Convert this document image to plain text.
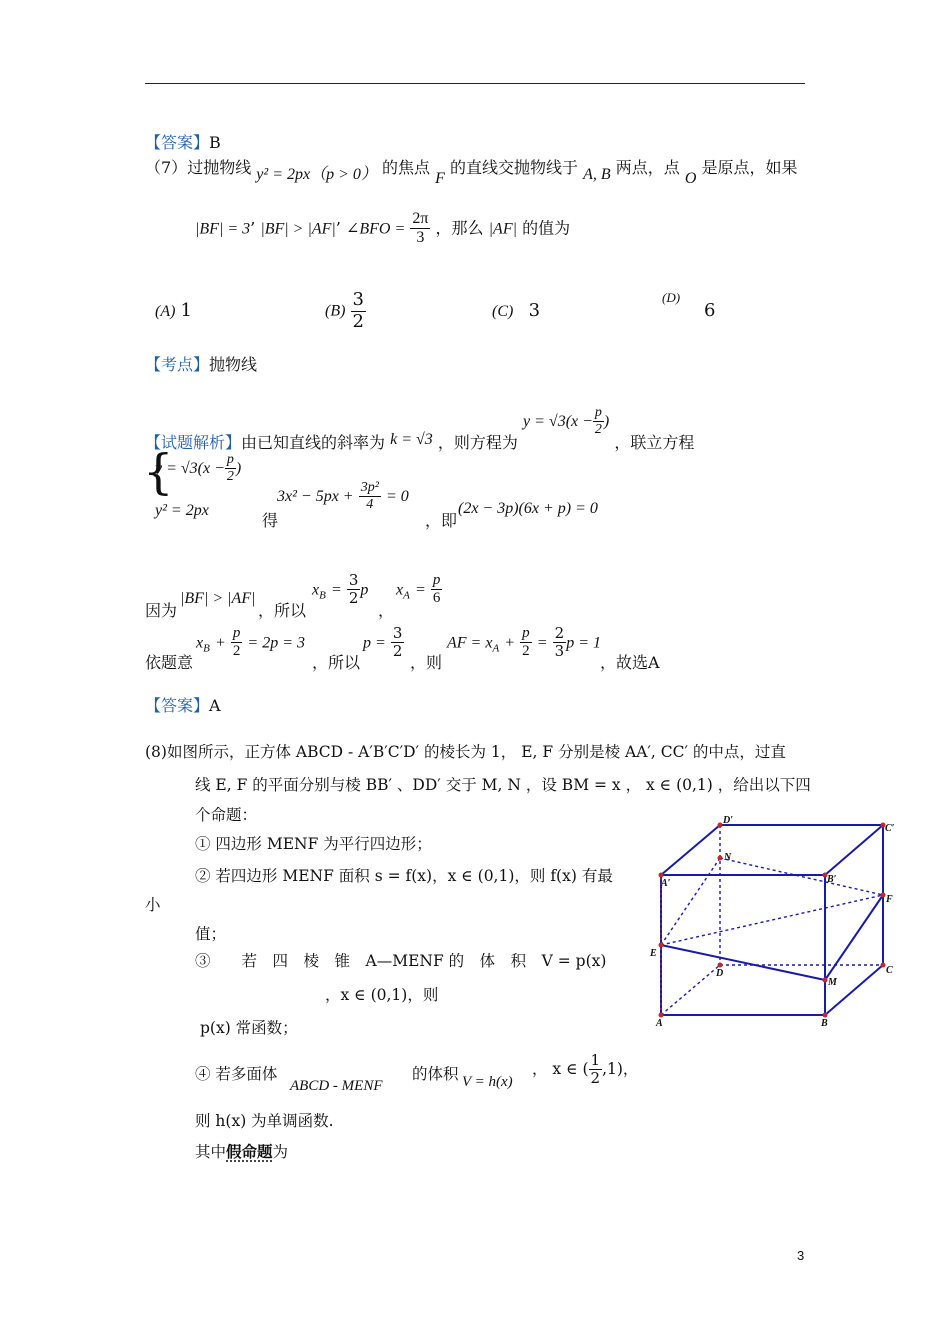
【答案】B
（7）过抛物线 y² = 2px（p > 0） 的焦点 F 的直线交抛物线于 A, B 两点，点 O 是原点，如果
|BF| = 3’ |BF| > |AF|’ ∠BFO = $\frac{2\pi}{3}$ ，那么 |AF| 的值为
(A) 1	$(B) \frac{3}{2}$	(C) 3
(D)
6
【考点】抛物线
【试题解析】由已知直线的斜率为 k = √3 ，则方程为 $y = √3(x - \frac{p}{2}$ ) ，联立方程
{
$y = √3(x - \frac{p}{2}$ )
y² = 2px
得
$3x^2 - 5px + \frac{\text{3p²}}{4} = 0$
，即
(2x − 3p)(6x + p) = 0
因为
|BF| > |AF|
，所以
$x_B = \frac{3}{2}$ p
，
$x_A = \frac{p}{6}$
依题意
$x_B + \frac{p}{2} = 2p = 3$
，所以
$p = \frac{3}{2}$
，则
AF = $x_A + \frac{p}{2} = \frac{2}{3}$ p = 1
，故选A
【答案】A
(8)如图所示，正方体 ABCD - A′B′C′D′ 的棱长为 1， E, F 分别是棱 AA′, CC′ 的中点，过直
线 E, F 的平面分别与棱 BB′ 、DD′ 交于 M, N ，设 BM = x ， x ∈ (0,1) ，给出以下四
个命题：
① 四边形 MENF 为平行四边形；
② 若四边形 MENF 面积 s = f(x)，x ∈ (0,1)，则 f(x) 有最
小
值；
③　　若　四　棱　锥　A—MENF 的　体　积　V = p(x)
，x ∈ (0,1)，则
p(x) 常函数；
④ 若多面体
ABCD - MENF
的体积 V = h(x)
， x ∈ ( $\frac{1}{2} ,1$)，
则 h(x) 为单调函数.
其中假命题为
D′
C′
N
A′	B′
F
E
D
M
C
A	B
3
